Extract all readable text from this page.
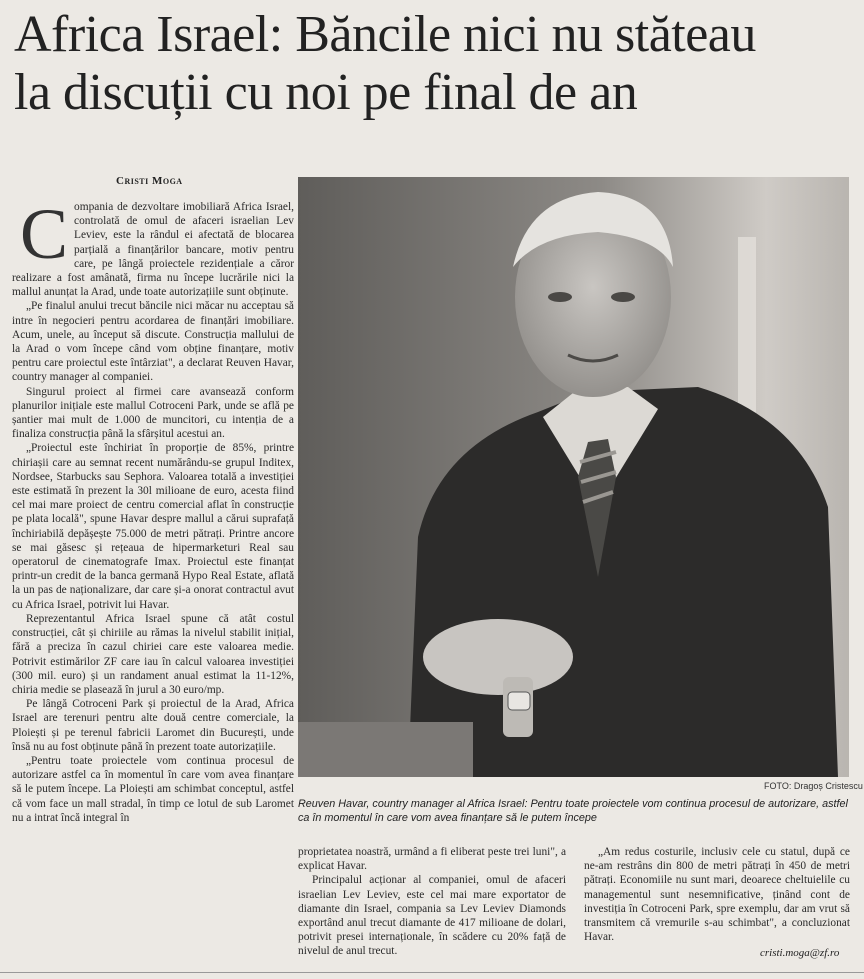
Africa Israel: Băncile nici nu stăteau
la discuții cu noi pe final de an
Cristi Moga
C ompania de dezvoltare imobiliară Africa Israel, controlată de omul de afaceri israelian Lev Leviev, este la rândul ei afectată de blocarea parțială a finanțărilor bancare, motiv pentru care, pe lângă proiectele rezidențiale a căror realizare a fost amânată, firma nu începe lucrările nici la mallul anunțat la Arad, unde toate autorizațiile sunt obținute.

„Pe finalul anului trecut băncile nici măcar nu acceptau să intre în negocieri pentru acordarea de finanțări imobiliare. Acum, unele, au început să discute. Construcția mallului de la Arad o vom începe când vom obține finanțare, motiv pentru care proiectul este întârziat", a declarat Reuven Havar, country manager al companiei.

Singurul proiect al firmei care avansează conform planurilor inițiale este mallul Cotroceni Park, unde se află pe șantier mai mult de 1.000 de muncitori, cu intenția de a finaliza construcția până la sfârșitul acestui an.

„Proiectul este închiriat în proporție de 85%, printre chiriașii care au semnat recent numărându-se grupul Inditex, Nordsee, Starbucks sau Sephora. Valoarea totală a investiției este estimată în prezent la 30l milioane de euro, acesta fiind cel mai mare proiect de centru comercial aflat în construcție pe plata locală", spune Havar despre mallul a cărui suprafață închiriabilă depășește 75.000 de metri pătrați. Printre ancore se mai găsesc și rețeaua de hipermarketuri Real sau operatorul de cinematografe Imax. Proiectul este finanțat printr-un credit de la banca germană Hypo Real Estate, aflată la un pas de naționalizare, dar care și-a onorat contractul avut cu Africa Israel, potrivit lui Havar.

Reprezentantul Africa Israel spune că atât costul construcției, cât și chiriile au rămas la nivelul stabilit inițial, fără a preciza în cazul chiriei care este valoarea medie. Potrivit estimărilor ZF care iau în calcul valoarea investiției (300 mil. euro) și un randament anual estimat la 11-12%, chiria medie se plasează în jurul a 30 euro/mp.

Pe lângă Cotroceni Park și proiectul de la Arad, Africa Israel are terenuri pentru alte două centre comerciale, la Ploiești și pe terenul fabricii Laromet din București, unde însă nu au fost obținute până în prezent toate autorizațiile.

„Pentru toate proiectele vom continua procesul de autorizare astfel ca în momentul în care vom avea finanțare să le putem începe. La Ploiești am schimbat conceptul, astfel că vom face un mall stradal, în timp ce lotul de sub Laromet nu a intrat încă integral în

FOTO: Dragoș Cristescu
Reuven Havar, country manager al Africa Israel: Pentru toate proiectele vom continua procesul de autorizare, astfel ca în momentul în care vom avea finanțare să le putem începe

proprietatea noastră, urmând a fi eliberat peste trei luni", a explicat Havar.

Principalul acționar al companiei, omul de afaceri israelian Lev Leviev, este cel mai mare exportator de diamante din Israel, compania sa Lev Leviev Diamonds exportând anul trecut diamante de 417 milioane de dolari, potrivit presei internaționale, în scădere cu 20% față de nivelul de anul trecut.

„Am redus costurile, inclusiv cele cu statul, după ce ne-am restrâns din 800 de metri pătrați în 450 de metri pătrați. Economiile nu sunt mari, deoarece cheltuielile cu managementul sunt nesemnificative, ținând cont de investiția în Cotroceni Park, spre exemplu, dar am vrut să transmitem că vremurile s-au schimbat", a concluzionat Havar.

cristi.moga@zf.ro
